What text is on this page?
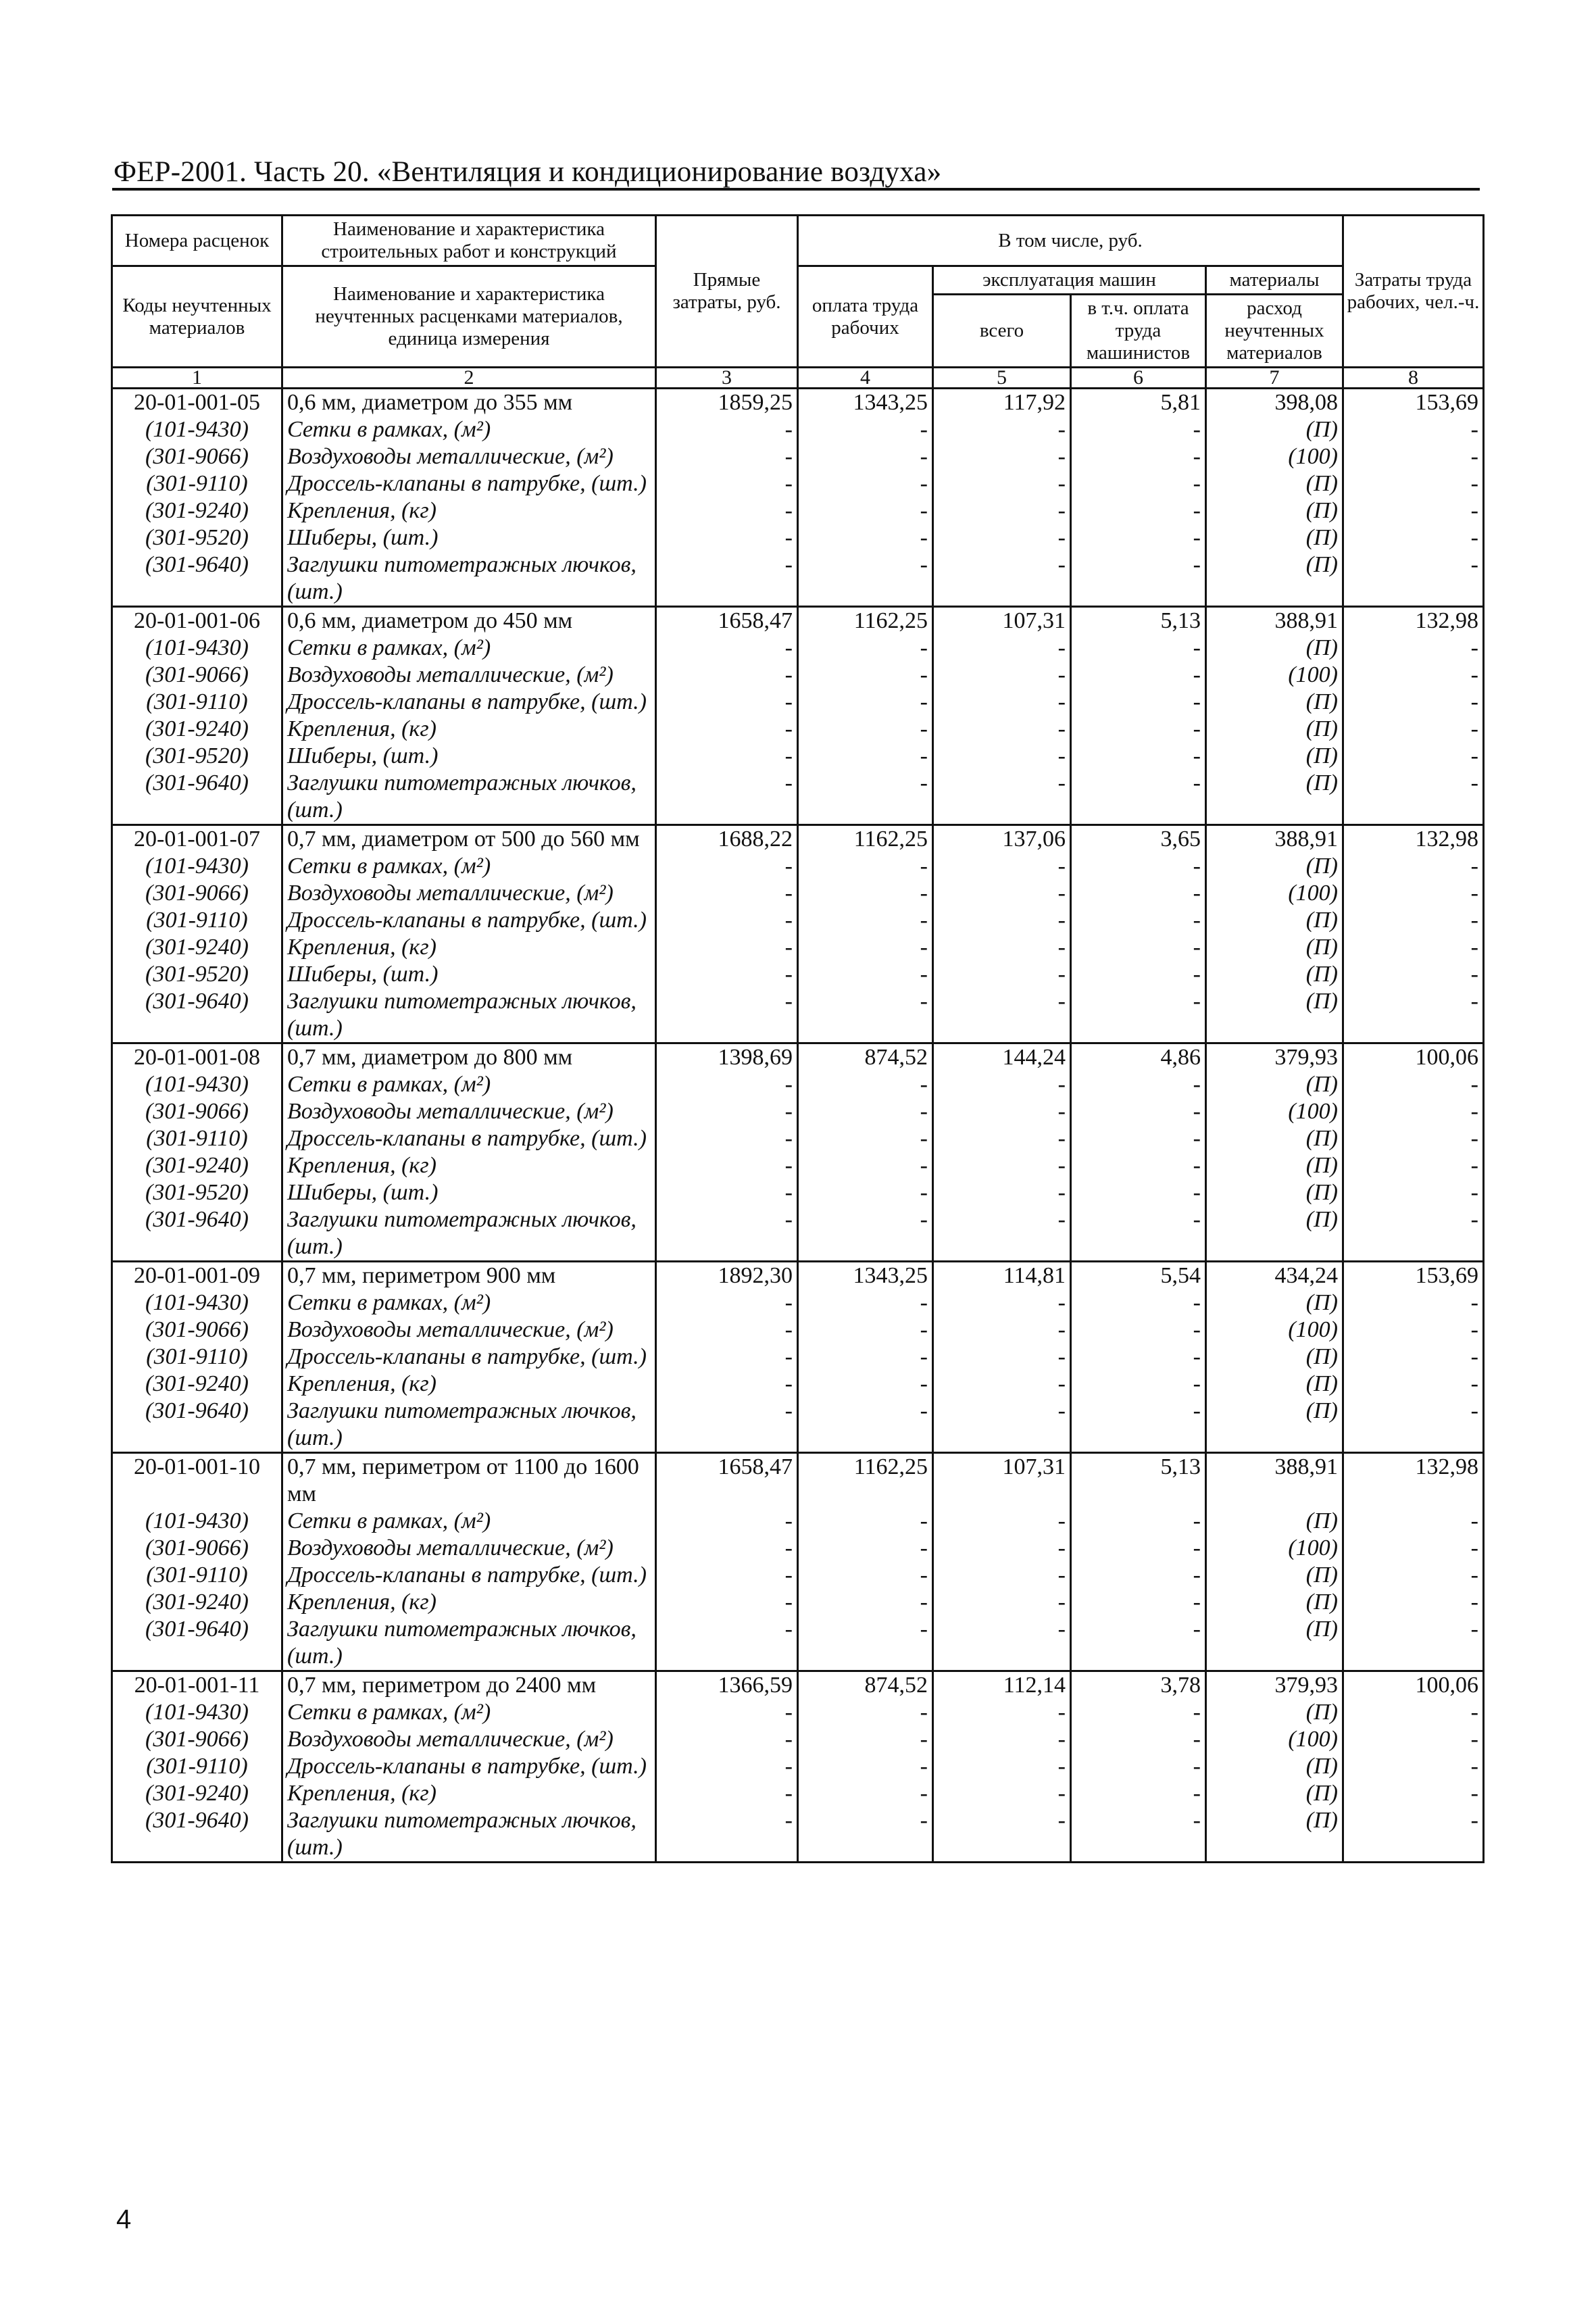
ФЕР-2001. Часть 20. «Вентиляция и кондиционирование воздуха»
Номера расценок	Наименование и характеристика строительных работ и конструкций	Прямые затраты, руб.	В том числе, руб.				Затраты труда рабочих, чел.-ч.
Коды неучтенных материалов	Наименование и характеристика неучтенных расценками материалов, единица измерения		оплата труда рабочих	эксплуатация машин		материалы	
				всего	в т.ч. оплата труда машинистов	расход неучтенных материалов	
1	2	3	4	5	6	7	8
20-01-001-05	0,6 мм, диаметром до 355 мм	1859,25	1343,25	117,92	5,81	398,08	153,69
(101-9430)	Сетки в рамках, (м²)	-	-	-	-	(П)	-
(301-9066)	Воздуховоды металлические, (м²)	-	-	-	-	(100)	-
(301-9110)	Дроссель-клапаны в патрубке, (шт.)	-	-	-	-	(П)	-
(301-9240)	Крепления, (кг)	-	-	-	-	(П)	-
(301-9520)	Шиберы, (шт.)	-	-	-	-	(П)	-
(301-9640)	Заглушки питометражных лючков, (шт.)	-	-	-	-	(П)	-
20-01-001-06	0,6 мм, диаметром до 450 мм	1658,47	1162,25	107,31	5,13	388,91	132,98
(101-9430)	Сетки в рамках, (м²)	-	-	-	-	(П)	-
(301-9066)	Воздуховоды металлические, (м²)	-	-	-	-	(100)	-
(301-9110)	Дроссель-клапаны в патрубке, (шт.)	-	-	-	-	(П)	-
(301-9240)	Крепления, (кг)	-	-	-	-	(П)	-
(301-9520)	Шиберы, (шт.)	-	-	-	-	(П)	-
(301-9640)	Заглушки питометражных лючков, (шт.)	-	-	-	-	(П)	-
20-01-001-07	0,7 мм, диаметром от 500 до 560 мм	1688,22	1162,25	137,06	3,65	388,91	132,98
(101-9430)	Сетки в рамках, (м²)	-	-	-	-	(П)	-
(301-9066)	Воздуховоды металлические, (м²)	-	-	-	-	(100)	-
(301-9110)	Дроссель-клапаны в патрубке, (шт.)	-	-	-	-	(П)	-
(301-9240)	Крепления, (кг)	-	-	-	-	(П)	-
(301-9520)	Шиберы, (шт.)	-	-	-	-	(П)	-
(301-9640)	Заглушки питометражных лючков, (шт.)	-	-	-	-	(П)	-
20-01-001-08	0,7 мм, диаметром до 800 мм	1398,69	874,52	144,24	4,86	379,93	100,06
(101-9430)	Сетки в рамках, (м²)	-	-	-	-	(П)	-
(301-9066)	Воздуховоды металлические, (м²)	-	-	-	-	(100)	-
(301-9110)	Дроссель-клапаны в патрубке, (шт.)	-	-	-	-	(П)	-
(301-9240)	Крепления, (кг)	-	-	-	-	(П)	-
(301-9520)	Шиберы, (шт.)	-	-	-	-	(П)	-
(301-9640)	Заглушки питометражных лючков, (шт.)	-	-	-	-	(П)	-
20-01-001-09	0,7 мм, периметром 900 мм	1892,30	1343,25	114,81	5,54	434,24	153,69
(101-9430)	Сетки в рамках, (м²)	-	-	-	-	(П)	-
(301-9066)	Воздуховоды металлические, (м²)	-	-	-	-	(100)	-
(301-9110)	Дроссель-клапаны в патрубке, (шт.)	-	-	-	-	(П)	-
(301-9240)	Крепления, (кг)	-	-	-	-	(П)	-
(301-9640)	Заглушки питометражных лючков, (шт.)	-	-	-	-	(П)	-
20-01-001-10	0,7 мм, периметром от 1100 до 1600 мм	1658,47	1162,25	107,31	5,13	388,91	132,98
(101-9430)	Сетки в рамках, (м²)	-	-	-	-	(П)	-
(301-9066)	Воздуховоды металлические, (м²)	-	-	-	-	(100)	-
(301-9110)	Дроссель-клапаны в патрубке, (шт.)	-	-	-	-	(П)	-
(301-9240)	Крепления, (кг)	-	-	-	-	(П)	-
(301-9640)	Заглушки питометражных лючков, (шт.)	-	-	-	-	(П)	-
20-01-001-11	0,7 мм, периметром до 2400 мм	1366,59	874,52	112,14	3,78	379,93	100,06
(101-9430)	Сетки в рамках, (м²)	-	-	-	-	(П)	-
(301-9066)	Воздуховоды металлические, (м²)	-	-	-	-	(100)	-
(301-9110)	Дроссель-клапаны в патрубке, (шт.)	-	-	-	-	(П)	-
(301-9240)	Крепления, (кг)	-	-	-	-	(П)	-
(301-9640)	Заглушки питометражных лючков, (шт.)	-	-	-	-	(П)	-
4
